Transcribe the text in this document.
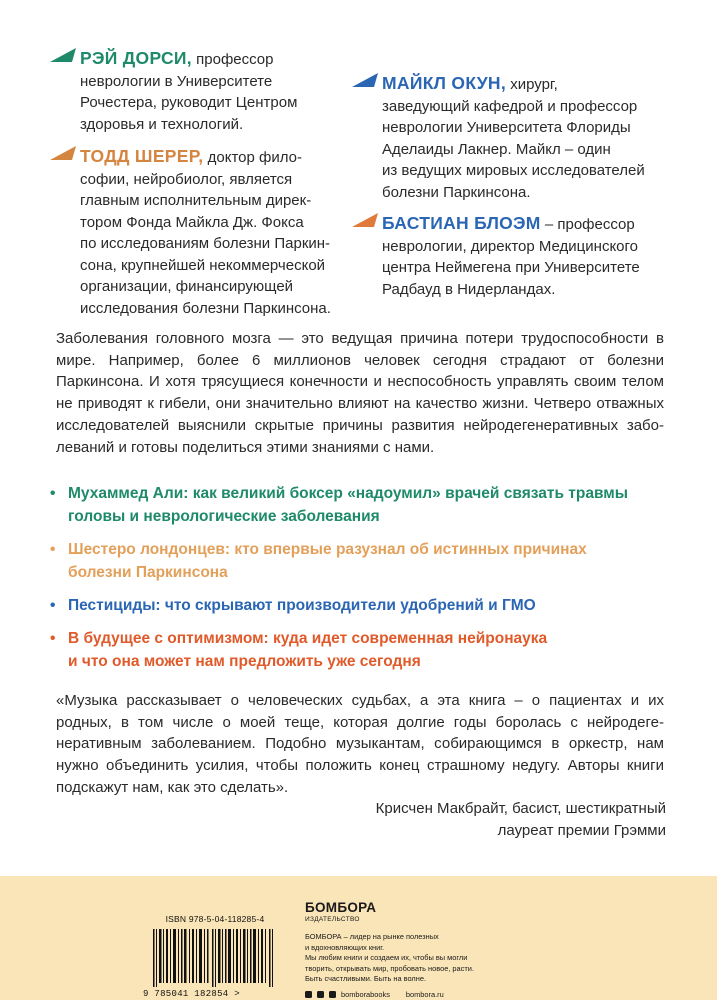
РЭЙ ДОРСИ, профессор
неврологии в Университете
Рочестера, руководит Центром
здоровья и технологий.
ТОДД ШЕРЕР, доктор фило-
софии, нейробиолог, является
главным исполнительным дирек-
тором Фонда Майкла Дж. Фокса
по исследованиям болезни Паркин-
сона, крупнейшей некоммерческой
организации, финансирующей
исследования болезни Паркинсона.
МАЙКЛ ОКУН, хирург,
заведующий кафедрой и профессор
неврологии Университета Флориды
Аделаиды Лакнер. Майкл – один
из ведущих мировых исследователей
болезни Паркинсона.
БАСТИАН БЛОЭМ – профессор
неврологии, директор Медицинского
центра Неймегена при Университете
Радбауд в Нидерландах.

Заболевания головного мозга — это ведущая причина потери трудоспособности в мире. Например, более 6 миллионов человек сегодня страдают от болезни Паркинсона. И хотя трясущиеся конечности и неспособность управлять своим телом не приводят к гибели, они значительно влияют на качество жизни. Четверо отважных исследователей выяснили скрытые причины развития нейродегенеративных заболеваний и готовы поделиться этими знаниями с нами.

• Мухаммед Али: как великий боксер «надоумил» врачей связать травмы
головы и неврологические заболевания
• Шестеро лондонцев: кто впервые разузнал об истинных причинах
болезни Паркинсона
• Пестициды: что скрывают производители удобрений и ГМО
• В будущее с оптимизмом: куда идет современная нейронаука
и что она может нам предложить уже сегодня

«Музыка рассказывает о человеческих судьбах, а эта книга – о пациентах и их родных, в том числе о моей теще, которая долгие годы боролась с нейродегенеративным заболеванием. Подобно музыкантам, собирающимся в оркестр, нам нужно объединить усилия, чтобы положить конец страшному недугу. Авторы книги подскажут нам, как это сделать».

Крисчен Макбрайт, басист, шестикратный
лауреат премии Грэмми
ISBN 978-5-04-118285-4
9 785041 182854 >
БОМБОРА
ИЗДАТЕЛЬСТВО
БОМБОРА – лидер на рынке полезных
и вдохновляющих книг.
Мы любим книги и создаем их, чтобы вы могли
творить, открывать мир, пробовать новое, расти.
Быть счастливыми. Быть на волне.
bomborabooks bombora.ru
